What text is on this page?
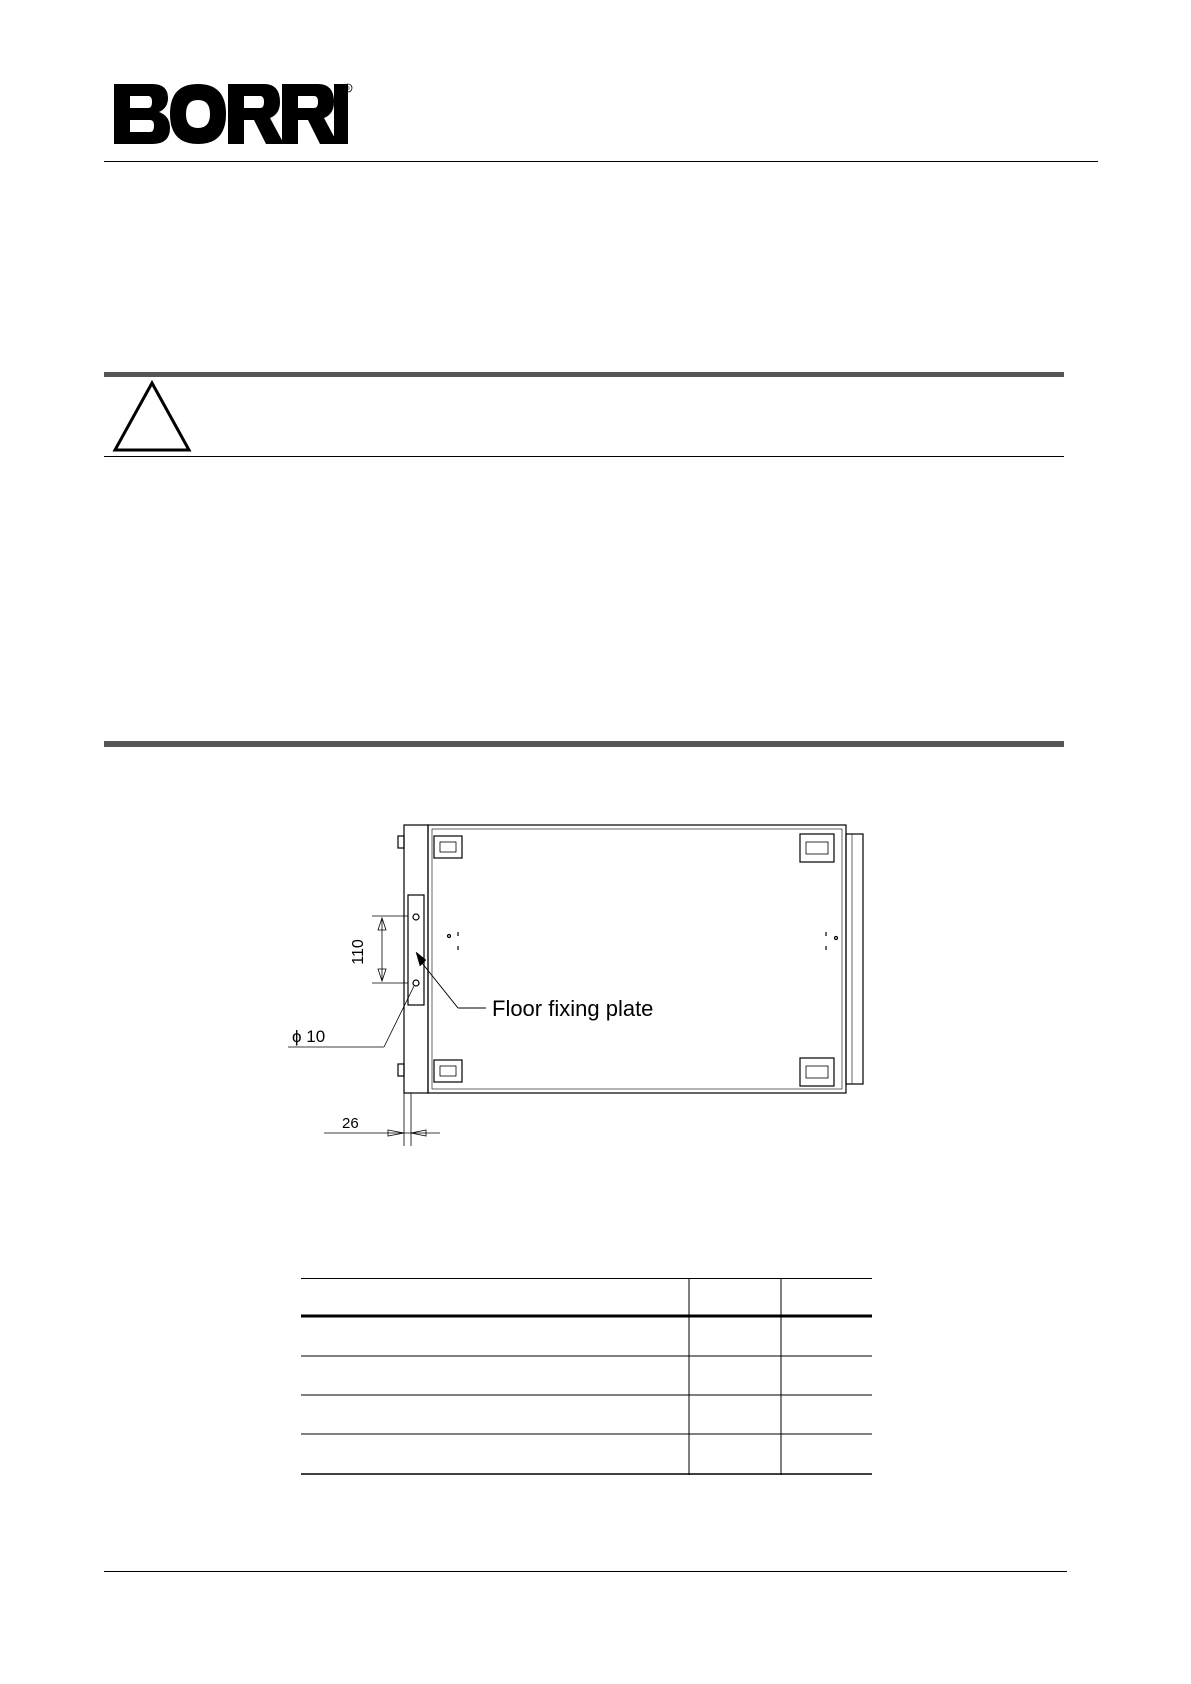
®
Floor fixing plate
110
ϕ 10
26
